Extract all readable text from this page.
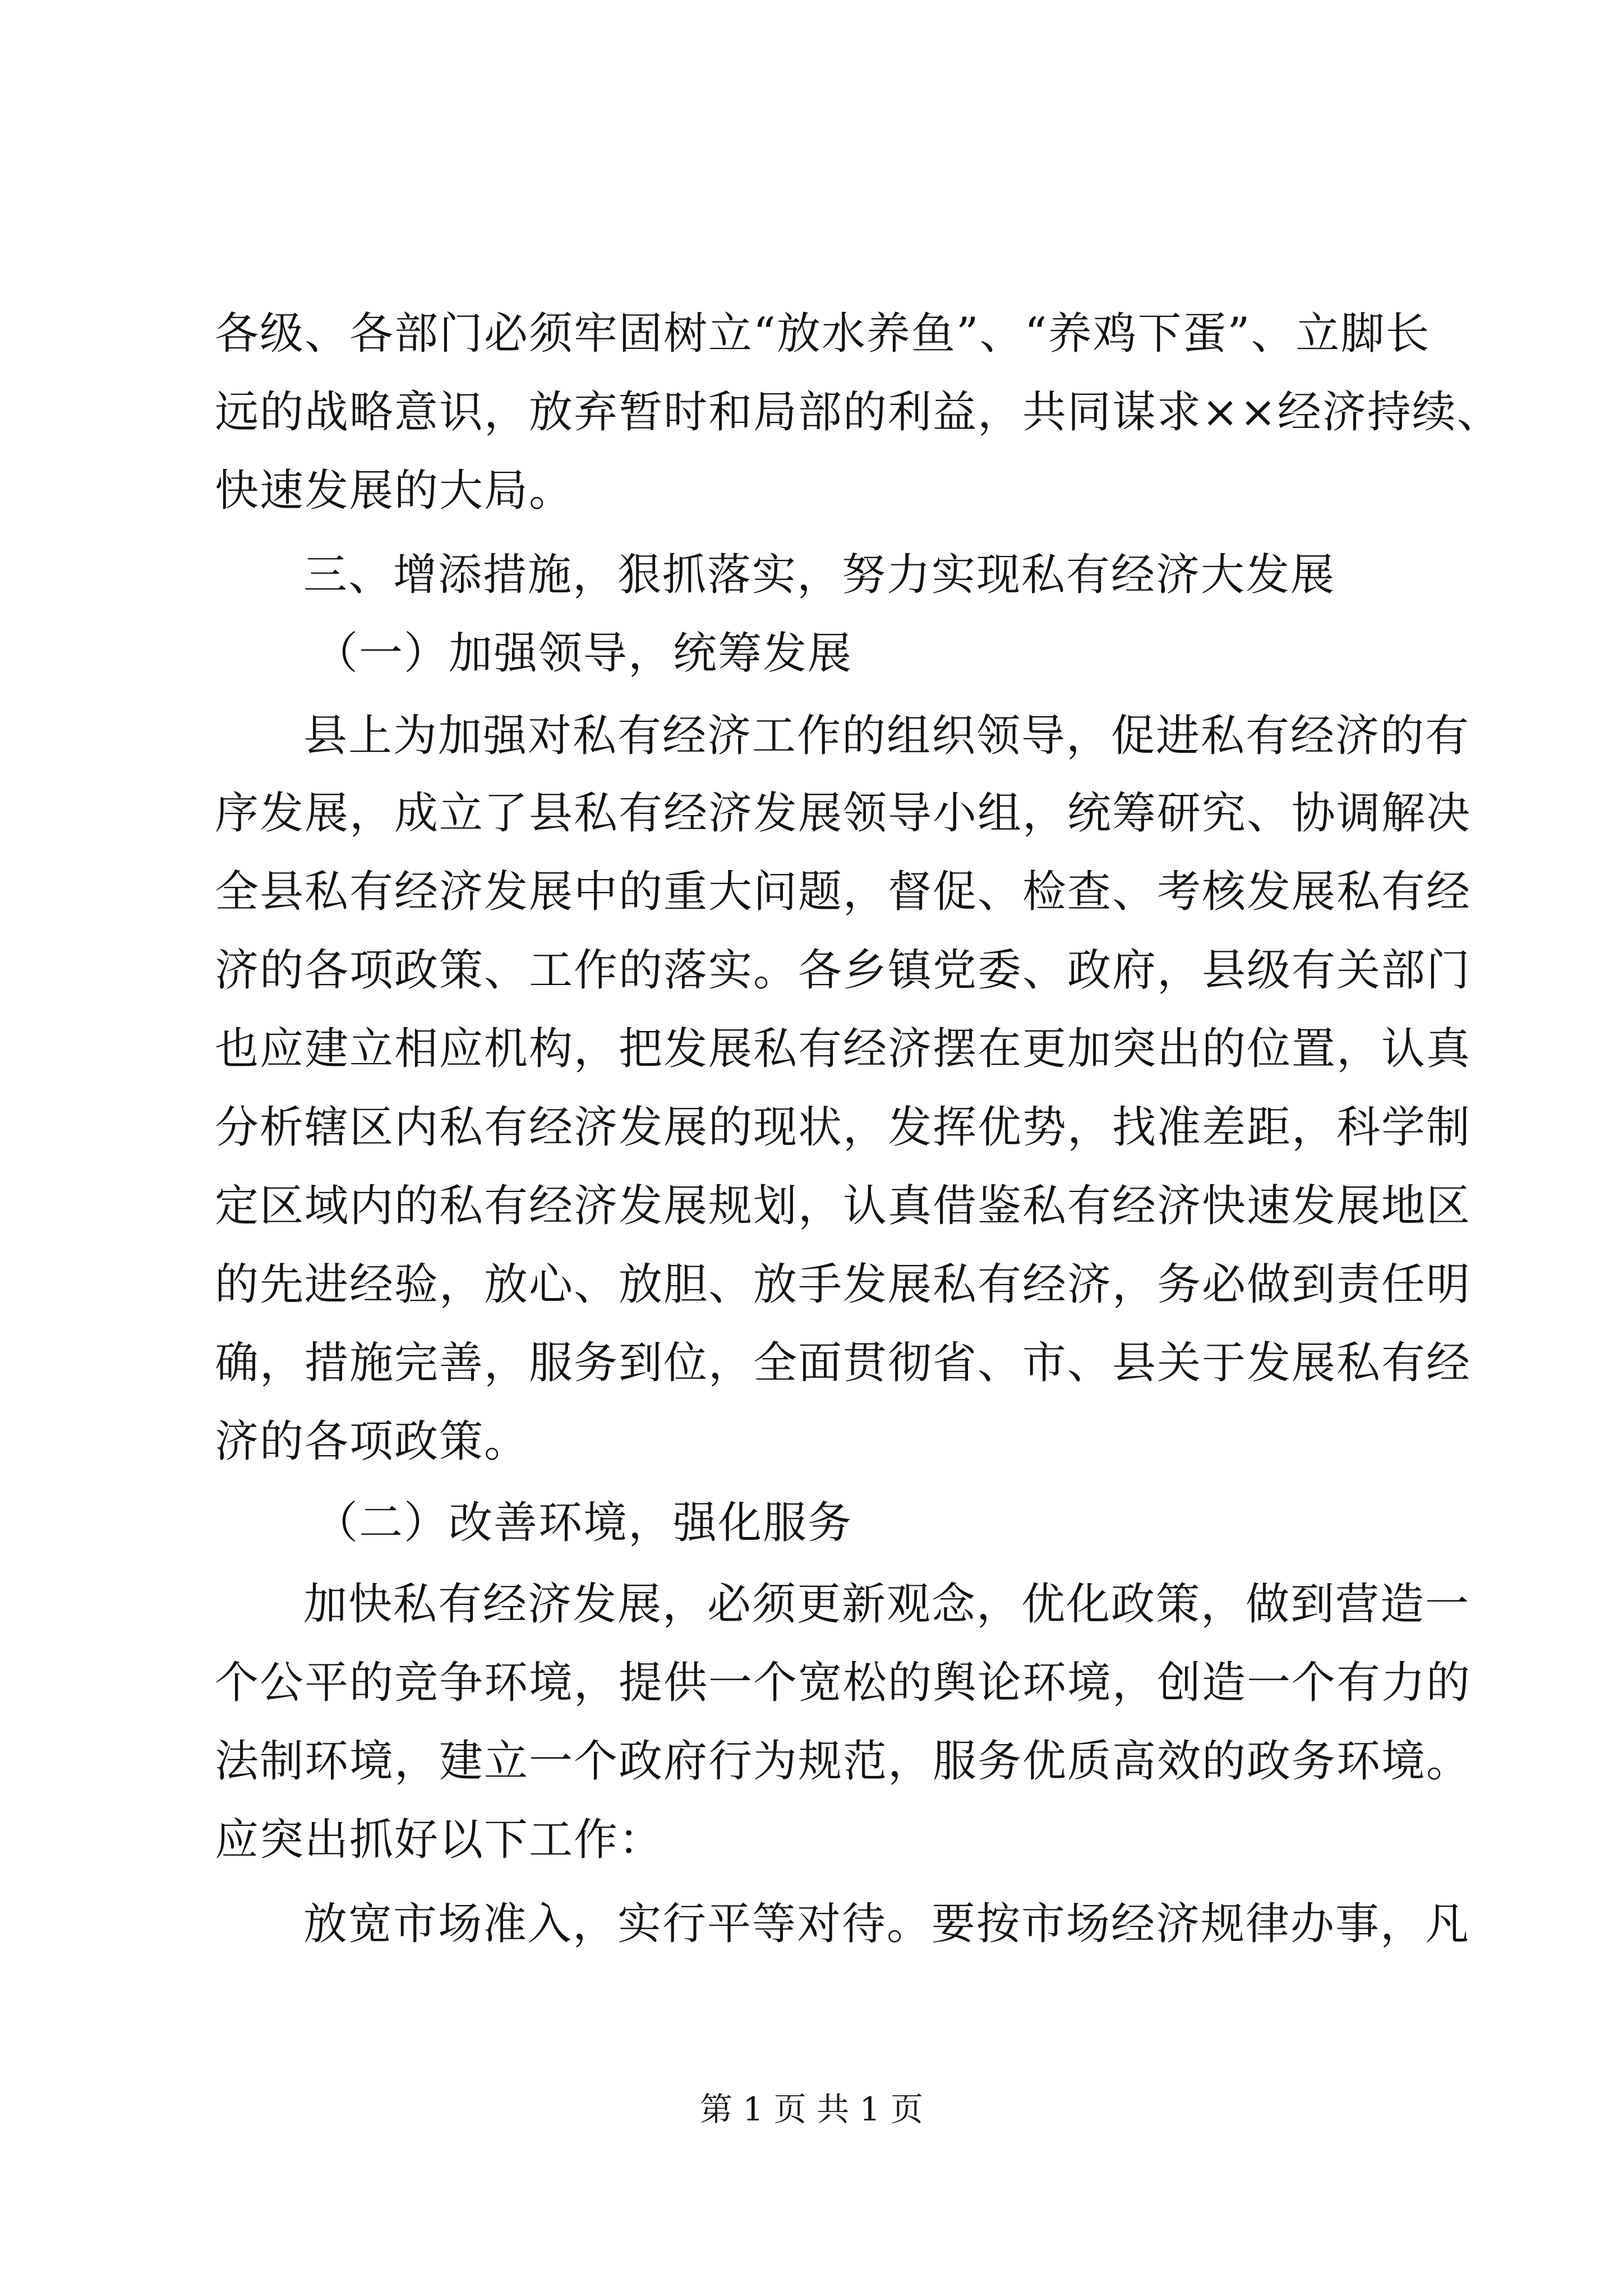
各级、各部门必须牢固树立“放水养鱼”、“养鸡下蛋”、立脚长

远的战略意识，放弃暂时和局部的利益，共同谋求××经济持续、

快速发展的大局。

三、增添措施，狠抓落实，努力实现私有经济大发展

（一）加强领导，统筹发展

县上为加强对私有经济工作的组织领导，促进私有经济的有

序发展，成立了县私有经济发展领导小组，统筹研究、协调解决

全县私有经济发展中的重大问题，督促、检查、考核发展私有经

济的各项政策、工作的落实。各乡镇党委、政府，县级有关部门

也应建立相应机构，把发展私有经济摆在更加突出的位置，认真

分析辖区内私有经济发展的现状，发挥优势，找准差距，科学制

定区域内的私有经济发展规划，认真借鉴私有经济快速发展地区

的先进经验，放心、放胆、放手发展私有经济，务必做到责任明

确，措施完善，服务到位，全面贯彻省、市、县关于发展私有经

济的各项政策。

（二）改善环境，强化服务

加快私有经济发展，必须更新观念，优化政策，做到营造一

个公平的竞争环境，提供一个宽松的舆论环境，创造一个有力的

法制环境，建立一个政府行为规范，服务优质高效的政务环境。

应突出抓好以下工作：

放宽市场准入，实行平等对待。要按市场经济规律办事，凡

第 1 页 共 1 页
